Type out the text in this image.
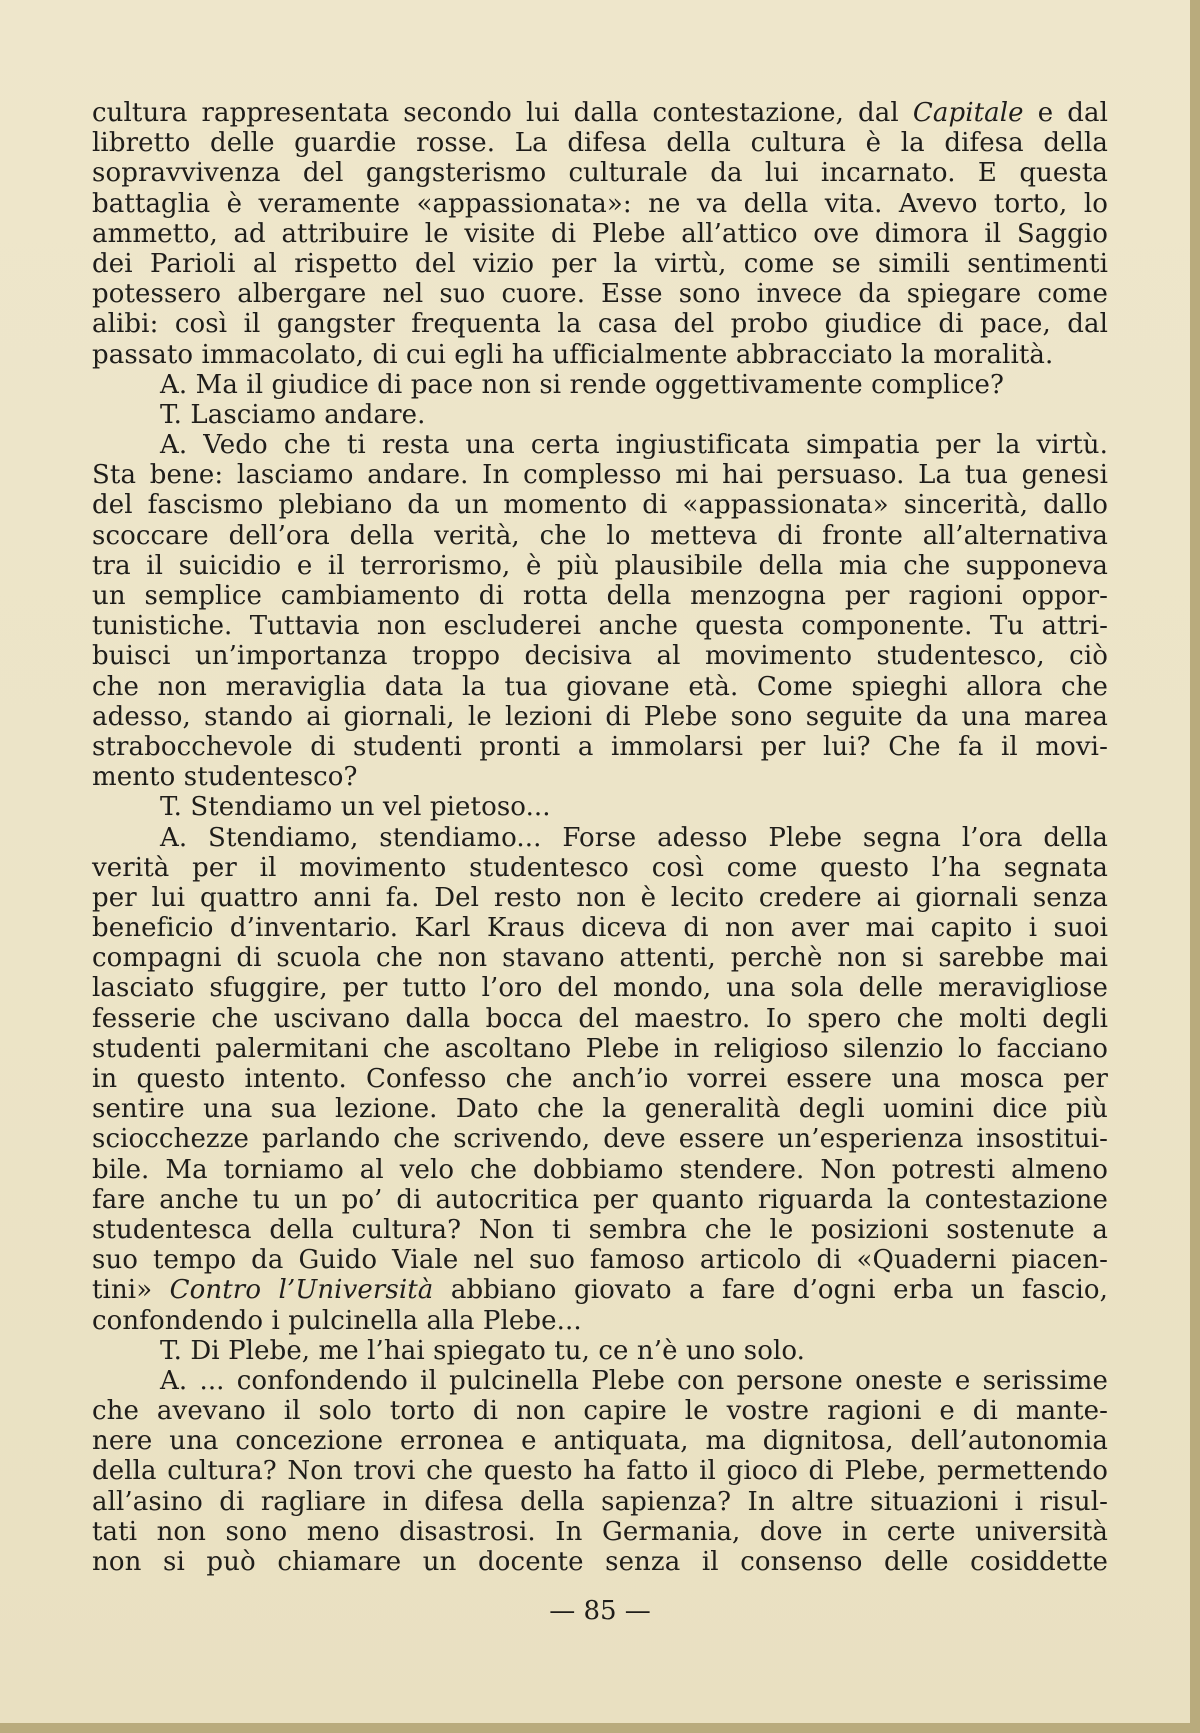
cultura rappresentata secondo lui dalla contestazione, dal Capitale e dal
libretto delle guardie rosse. La difesa della cultura è la difesa della
sopravvivenza del gangsterismo culturale da lui incarnato. E questa
battaglia è veramente «appassionata»: ne va della vita. Avevo torto, lo
ammetto, ad attribuire le visite di Plebe all’attico ove dimora il Saggio
dei Parioli al rispetto del vizio per la virtù, come se simili sentimenti
potessero albergare nel suo cuore. Esse sono invece da spiegare come
alibi: così il gangster frequenta la casa del probo giudice di pace, dal
passato immacolato, di cui egli ha ufficialmente abbracciato la moralità.
A. Ma il giudice di pace non si rende oggettivamente complice?
T. Lasciamo andare.
A. Vedo che ti resta una certa ingiustificata simpatia per la virtù.
Sta bene: lasciamo andare. In complesso mi hai persuaso. La tua genesi
del fascismo plebiano da un momento di «appassionata» sincerità, dallo
scoccare dell’ora della verità, che lo metteva di fronte all’alternativa
tra il suicidio e il terrorismo, è più plausibile della mia che supponeva
un semplice cambiamento di rotta della menzogna per ragioni oppor-
tunistiche. Tuttavia non escluderei anche questa componente. Tu attri-
buisci un’importanza troppo decisiva al movimento studentesco, ciò
che non meraviglia data la tua giovane età. Come spieghi allora che
adesso, stando ai giornali, le lezioni di Plebe sono seguite da una marea
strabocchevole di studenti pronti a immolarsi per lui? Che fa il movi-
mento studentesco?
T. Stendiamo un vel pietoso...
A. Stendiamo, stendiamo... Forse adesso Plebe segna l’ora della
verità per il movimento studentesco così come questo l’ha segnata
per lui quattro anni fa. Del resto non è lecito credere ai giornali senza
beneficio d’inventario. Karl Kraus diceva di non aver mai capito i suoi
compagni di scuola che non stavano attenti, perchè non si sarebbe mai
lasciato sfuggire, per tutto l’oro del mondo, una sola delle meravigliose
fesserie che uscivano dalla bocca del maestro. Io spero che molti degli
studenti palermitani che ascoltano Plebe in religioso silenzio lo facciano
in questo intento. Confesso che anch’io vorrei essere una mosca per
sentire una sua lezione. Dato che la generalità degli uomini dice più
sciocchezze parlando che scrivendo, deve essere un’esperienza insostitui-
bile. Ma torniamo al velo che dobbiamo stendere. Non potresti almeno
fare anche tu un po’ di autocritica per quanto riguarda la contestazione
studentesca della cultura? Non ti sembra che le posizioni sostenute a
suo tempo da Guido Viale nel suo famoso articolo di «Quaderni piacen-
tini» Contro l’Università abbiano giovato a fare d’ogni erba un fascio,
confondendo i pulcinella alla Plebe...
T. Di Plebe, me l’hai spiegato tu, ce n’è uno solo.
A. ... confondendo il pulcinella Plebe con persone oneste e serissime
che avevano il solo torto di non capire le vostre ragioni e di mante-
nere una concezione erronea e antiquata, ma dignitosa, dell’autonomia
della cultura? Non trovi che questo ha fatto il gioco di Plebe, permettendo
all’asino di ragliare in difesa della sapienza? In altre situazioni i risul-
tati non sono meno disastrosi. In Germania, dove in certe università
non si può chiamare un docente senza il consenso delle cosiddette
— 85 —
